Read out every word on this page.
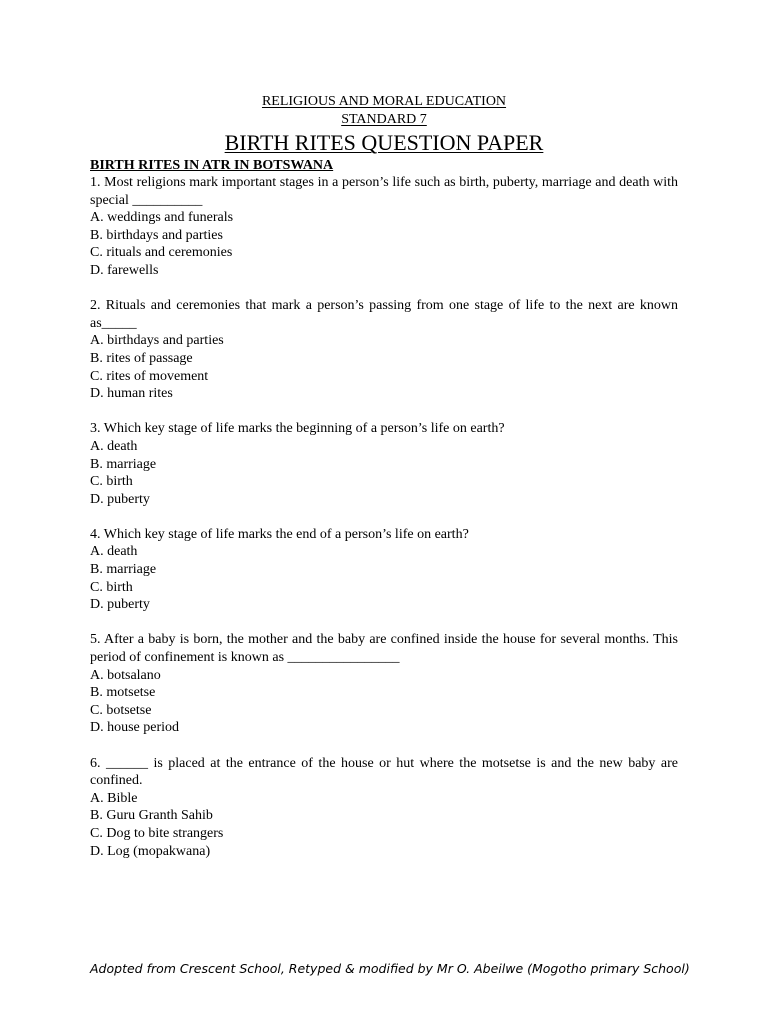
RELIGIOUS AND MORAL EDUCATION
STANDARD 7
BIRTH RITES QUESTION PAPER
BIRTH RITES IN ATR IN BOTSWANA
1. Most religions mark important stages in a person’s life such as birth, puberty, marriage and death with special __________
A. weddings and funerals
B. birthdays and parties
C. rituals and ceremonies
D. farewells
2. Rituals and ceremonies that mark a person’s passing from one stage of life to the next are known as_____
A. birthdays and parties
B. rites of passage
C. rites of movement
D. human rites
3. Which key stage of life marks the beginning of a person’s life on earth?
A. death
B. marriage
C. birth
D. puberty
4. Which key stage of life marks the end of a person’s life on earth?
A. death
B. marriage
C. birth
D. puberty
5. After a baby is born, the mother and the baby are confined inside the house for several months. This period of confinement is known as ________________
A. botsalano
B. motsetse
C. botsetse
D. house period
6. ______ is placed at the entrance of the house or hut where the motsetse is and the new baby are confined.
A. Bible
B. Guru Granth Sahib
C. Dog to bite strangers
D. Log (mopakwana)
Adopted from Crescent School, Retyped & modified by Mr O. Abeilwe (Mogotho primary School)
